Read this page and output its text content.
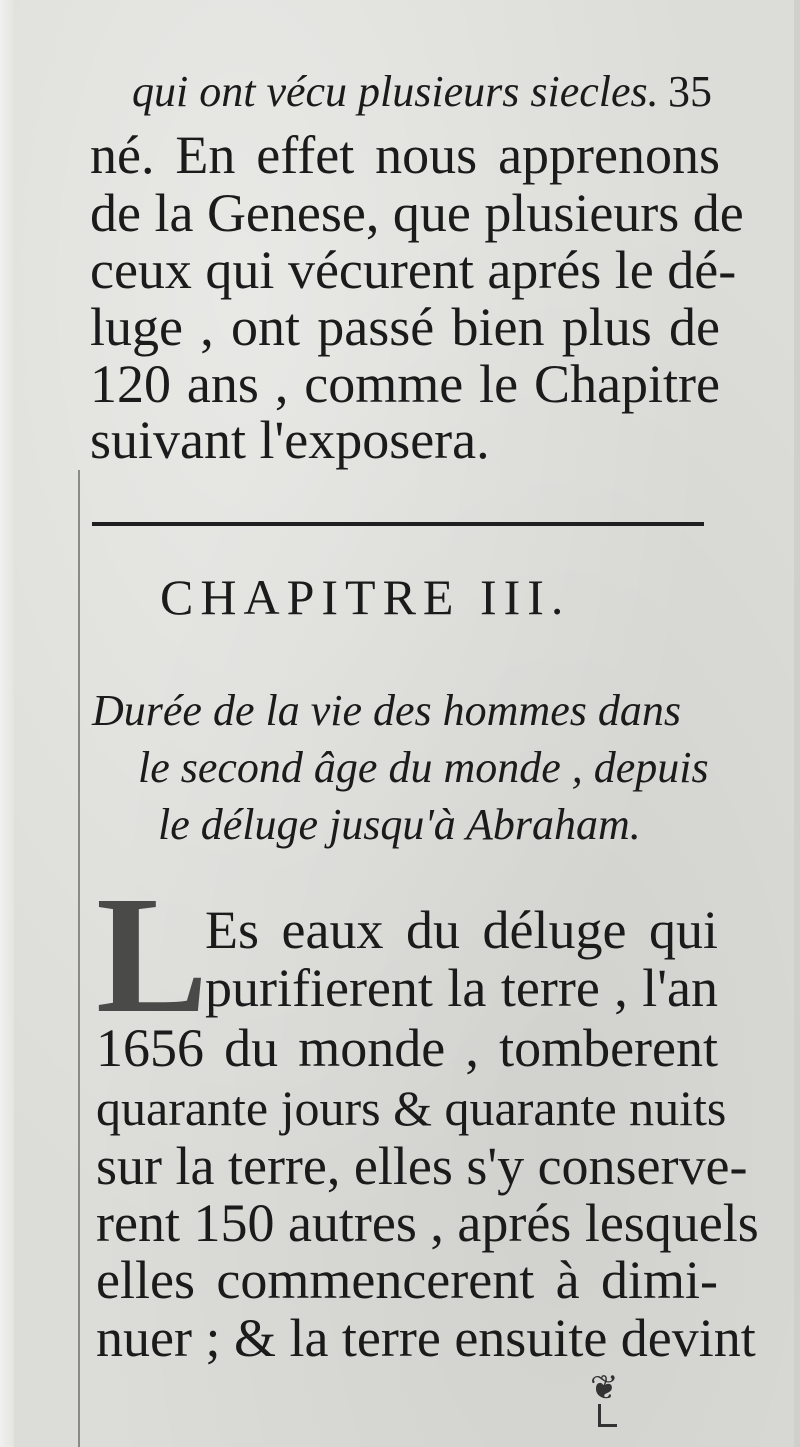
qui ont vécu plusieurs siecles. 35
né. En effet nous apprenons
de la Genese, que plusieurs de
ceux qui vécurent aprés le dé-
luge , ont passé bien plus de
120 ans , comme le Chapitre
suivant l'exposera.
CHAPITRE III.
Durée de la vie des hommes dans
le second âge du monde , depuis
le déluge jusqu'à Abraham.
L
Es eaux du déluge qui
purifierent la terre , l'an
1656 du monde , tomberent
quarante jours & quarante nuits
sur la terre, elles s'y conserve-
rent 150 autres , aprés lesquels
elles commencerent à dimi-
nuer ; & la terre ensuite devint
❦
